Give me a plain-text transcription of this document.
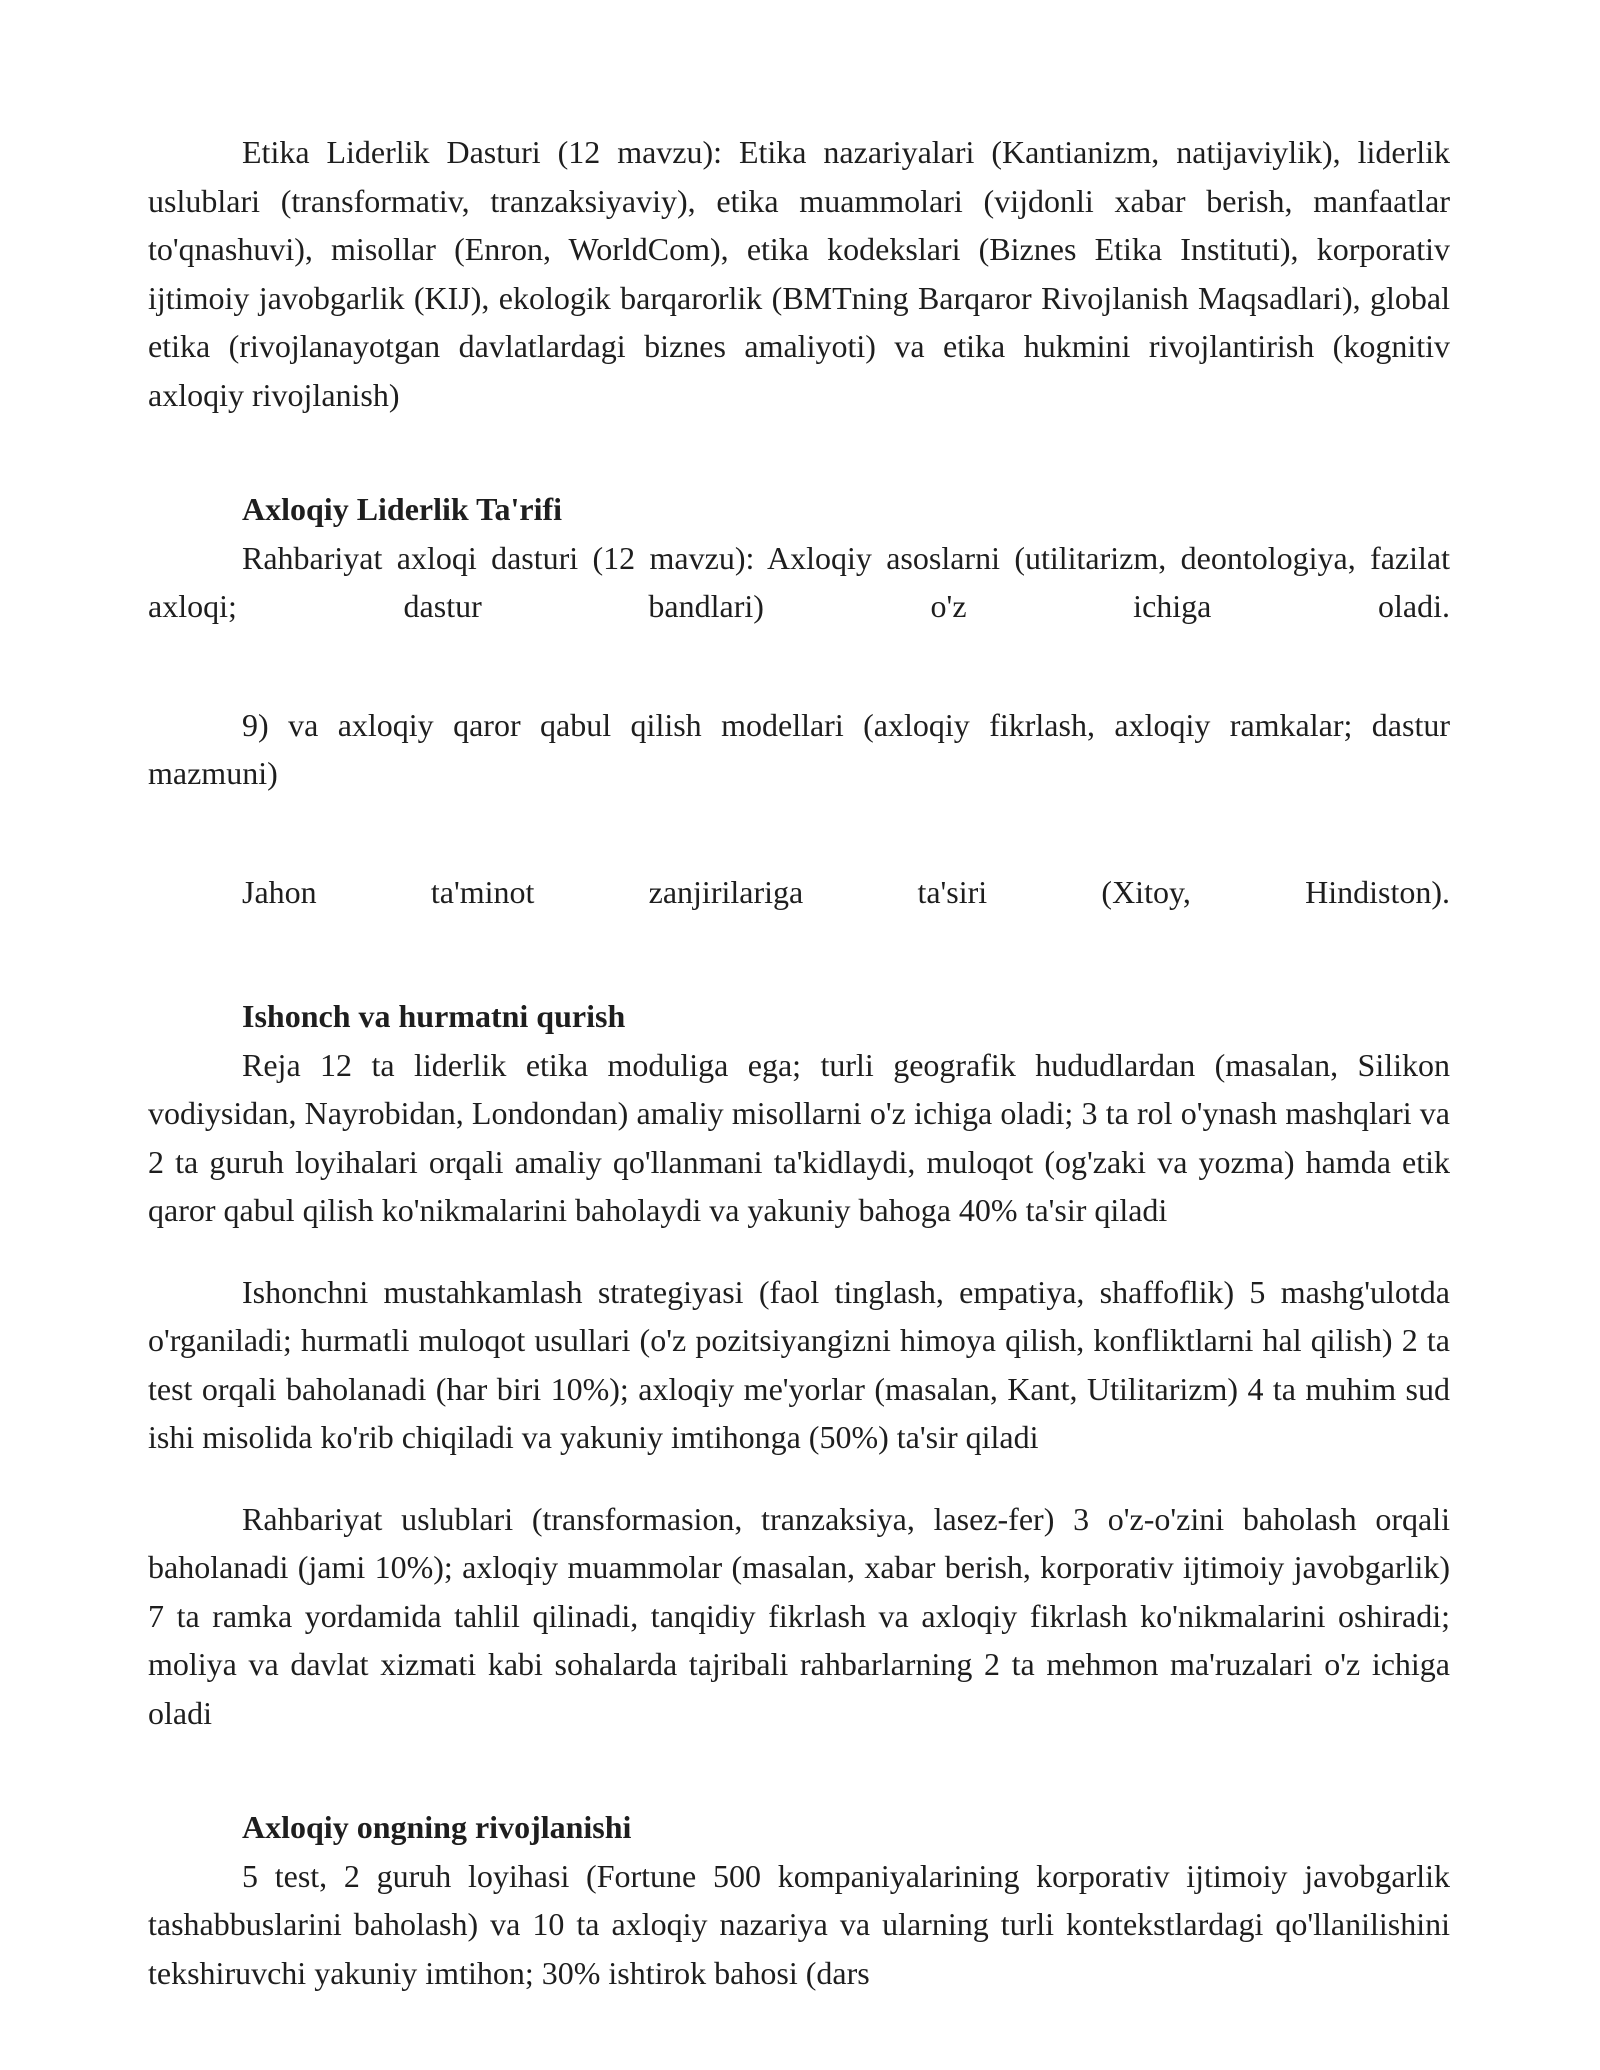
Etika Liderlik Dasturi (12 mavzu): Etika nazariyalari (Kantianizm, natijaviylik), liderlik uslublari (transformativ, tranzaksiyaviy), etika muammolari (vijdonli xabar berish, manfaatlar to'qnashuvi), misollar (Enron, WorldCom), etika kodekslari (Biznes Etika Instituti), korporativ ijtimoiy javobgarlik (KIJ), ekologik barqarorlik (BMTning Barqaror Rivojlanish Maqsadlari), global etika (rivojlanayotgan davlatlardagi biznes amaliyoti) va etika hukmini rivojlantirish (kognitiv axloqiy rivojlanish)

Axloqiy Liderlik Ta'rifi

Rahbariyat axloqi dasturi (12 mavzu): Axloqiy asoslarni (utilitarizm, deontologiya, fazilat axloqi; dastur bandlari) o'z ichiga oladi.

9) va axloqiy qaror qabul qilish modellari (axloqiy fikrlash, axloqiy ramkalar; dastur mazmuni)

Jahon ta'minot zanjirilariga ta'siri (Xitoy, Hindiston).

Ishonch va hurmatni qurish

Reja 12 ta liderlik etika moduliga ega; turli geografik hududlardan (masalan, Silikon vodiysidan, Nayrobidan, Londondan) amaliy misollarni o'z ichiga oladi; 3 ta rol o'ynash mashqlari va 2 ta guruh loyihalari orqali amaliy qo'llanmani ta'kidlaydi, muloqot (og'zaki va yozma) hamda etik qaror qabul qilish ko'nikmalarini baholaydi va yakuniy bahoga 40% ta'sir qiladi

Ishonchni mustahkamlash strategiyasi (faol tinglash, empatiya, shaffoflik) 5 mashg'ulotda o'rganiladi; hurmatli muloqot usullari (o'z pozitsiyangizni himoya qilish, konfliktlarni hal qilish) 2 ta test orqali baholanadi (har biri 10%); axloqiy me'yorlar (masalan, Kant, Utilitarizm) 4 ta muhim sud ishi misolida ko'rib chiqiladi va yakuniy imtihonga (50%) ta'sir qiladi

Rahbariyat uslublari (transformasion, tranzaksiya, lasez-fer) 3 o'z-o'zini baholash orqali baholanadi (jami 10%); axloqiy muammolar (masalan, xabar berish, korporativ ijtimoiy javobgarlik) 7 ta ramka yordamida tahlil qilinadi, tanqidiy fikrlash va axloqiy fikrlash ko'nikmalarini oshiradi; moliya va davlat xizmati kabi sohalarda tajribali rahbarlarning 2 ta mehmon ma'ruzalari o'z ichiga oladi

Axloqiy ongning rivojlanishi

5 test, 2 guruh loyihasi (Fortune 500 kompaniyalarining korporativ ijtimoiy javobgarlik tashabbuslarini baholash) va 10 ta axloqiy nazariya va ularning turli kontekstlardagi qo'llanilishini tekshiruvchi yakuniy imtihon; 30% ishtirok bahosi (dars
